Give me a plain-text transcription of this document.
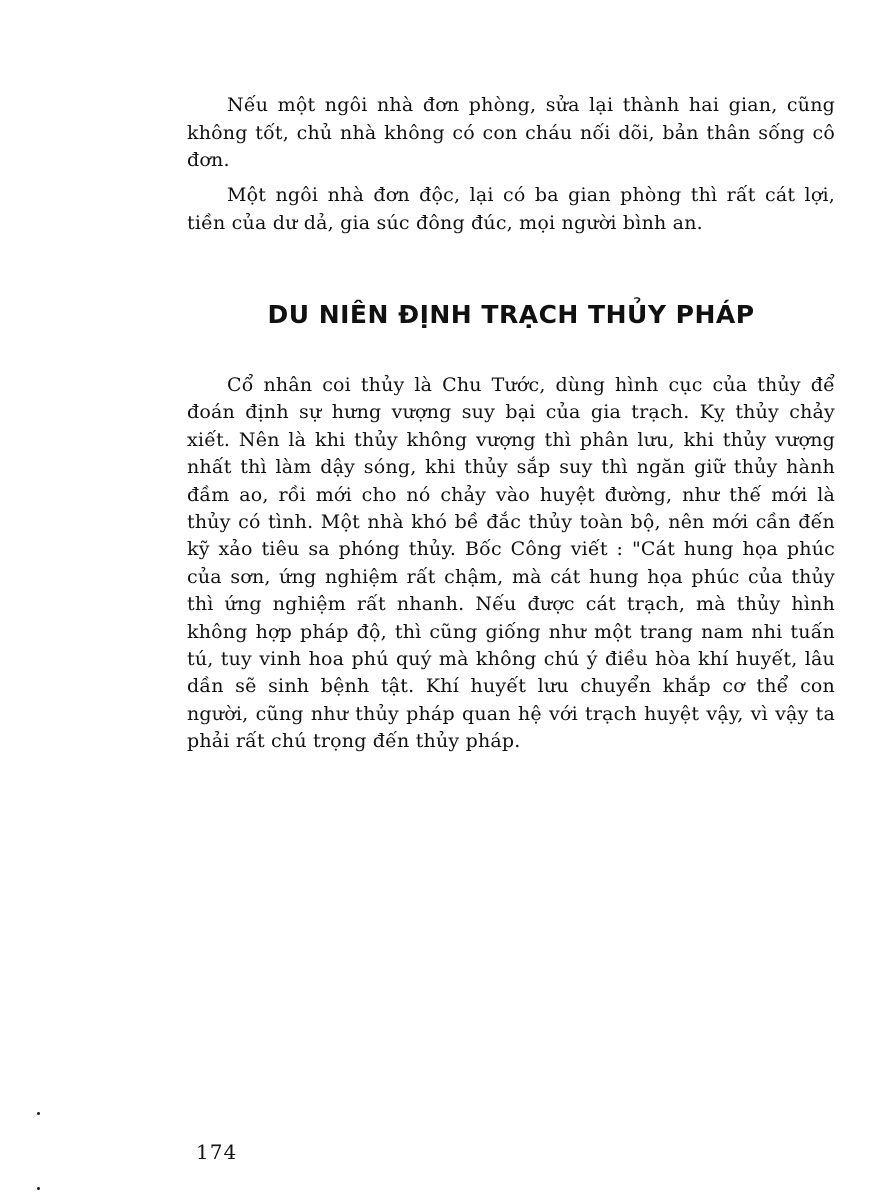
Nếu một ngôi nhà đơn phòng, sửa lại thành hai gian, cũng không tốt, chủ nhà không có con cháu nối dõi, bản thân sống cô đơn.

Một ngôi nhà đơn độc, lại có ba gian phòng thì rất cát lợi, tiền của dư dả, gia súc đông đúc, mọi người bình an.

DU NIÊN ĐỊNH TRẠCH THỦY PHÁP

Cổ nhân coi thủy là Chu Tước, dùng hình cục của thủy để đoán định sự hưng vượng suy bại của gia trạch. Kỵ thủy chảy xiết. Nên là khi thủy không vượng thì phân lưu, khi thủy vượng nhất thì làm dậy sóng, khi thủy sắp suy thì ngăn giữ thủy hành đầm ao, rồi mới cho nó chảy vào huyệt đường, như thế mới là thủy có tình. Một nhà khó bề đắc thủy toàn bộ, nên mới cần đến kỹ xảo tiêu sa phóng thủy. Bốc Công viết : "Cát hung họa phúc của sơn, ứng nghiệm rất chậm, mà cát hung họa phúc của thủy thì ứng nghiệm rất nhanh. Nếu được cát trạch, mà thủy hình không hợp pháp độ, thì cũng giống như một trang nam nhi tuấn tú, tuy vinh hoa phú quý mà không chú ý điều hòa khí huyết, lâu dần sẽ sinh bệnh tật. Khí huyết lưu chuyển khắp cơ thể con người, cũng như thủy pháp quan hệ với trạch huyệt vậy, vì vậy ta phải rất chú trọng đến thủy pháp.

174
